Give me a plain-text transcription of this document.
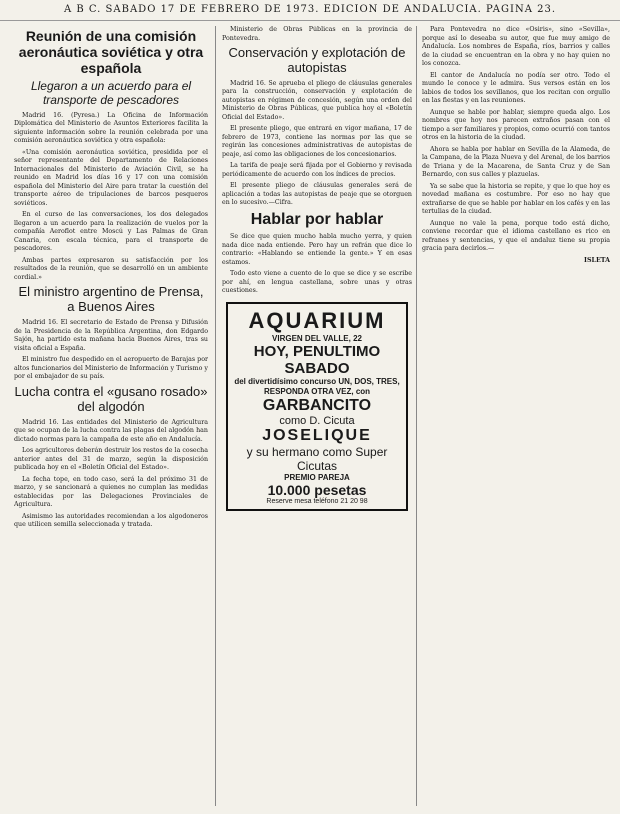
A B C. SABADO 17 DE FEBRERO DE 1973. EDICION DE ANDALUCIA. PAGINA 23.
Reunión de una comisión aeronáutica soviética y otra española
Llegaron a un acuerdo para el transporte de pescadores

Madrid 16. (Pyresa.) La Oficina de Información Diplomática del Ministerio de Asuntos Exteriores facilita la siguiente información sobre la reunión celebrada por una comisión aeronáutica soviética y otra española:

«Una comisión aeronáutica soviética, presidida por el señor representante del Departamento de Relaciones Internacionales del Ministerio de Aviación Civil, se ha reunido en Madrid los días 16 y 17 con una comisión española del Ministerio del Aire para tratar la cuestión del transporte aéreo de tripulaciones de barcos pesqueros soviéticos.

En el curso de las conversaciones, los dos delegados llegaron a un acuerdo para la realización de vuelos por la compañía Aeroflot entre Moscú y Las Palmas de Gran Canaria, con escala técnica, para el transporte de pescadores.

Ambas partes expresaron su satisfacción por los resultados de la reunión, que se desarrolló en un ambiente cordial.»

El ministro argentino de Prensa, a Buenos Aires

Madrid 16. El secretario de Estado de Prensa y Difusión de la Presidencia de la República Argentina, don Edgardo Sajón, ha partido esta mañana hacia Buenos Aires, tras su visita oficial a España.

El ministro fue despedido en el aeropuerto de Barajas por altos funcionarios del Ministerio de Información y Turismo y por el embajador de su país.

Lucha contra el «gusano rosado» del algodón

Madrid 16. Las entidades del Ministerio de Agricultura que se ocupan de la lucha contra las plagas del algodón han dictado normas para la campaña de este año en Andalucía.

Los agricultores deberán destruir los restos de la cosecha anterior antes del 31 de marzo, según la disposición publicada hoy en el «Boletín Oficial del Estado».

La fecha tope, en todo caso, será la del próximo 31 de marzo, y se sancionará a quienes no cumplan las medidas establecidas por las Delegaciones Provinciales de Agricultura.

Asimismo las autoridades recomiendan a los algodoneros que utilicen semilla seleccionada y tratada.

Ministerio de Obras Públicas en la provincia de Pontevedra.

Conservación y explotación de autopistas

Madrid 16. Se aprueba el pliego de cláusulas generales para la construcción, conservación y explotación de autopistas en régimen de concesión, según una orden del Ministerio de Obras Públicas, que publica hoy el «Boletín Oficial del Estado».

El presente pliego, que entrará en vigor mañana, 17 de febrero de 1973, contiene las normas por las que se regirán las concesiones administrativas de autopistas de peaje, así como las obligaciones de los concesionarios.

La tarifa de peaje será fijada por el Gobierno y revisada periódicamente de acuerdo con los índices de precios.

El presente pliego de cláusulas generales será de aplicación a todas las autopistas de peaje que se otorguen en lo sucesivo.—Cifra.

Hablar por hablar

Se dice que quien mucho habla mucho yerra, y quien nada dice nada entiende. Pero hay un refrán que dice lo contrario: «Hablando se entiende la gente.» Y en esas estamos.

Todo esto viene a cuento de lo que se dice y se escribe por ahí, en lengua castellana, sobre unas y otras cuestiones.

AQUARIUM
VIRGEN DEL VALLE, 22
HOY, PENULTIMO SABADO
del divertidísimo concurso UN, DOS, TRES, RESPONDA OTRA VEZ, con
GARBANCITO
como D. Cicuta
JOSELIQUE
y su hermano como Super Cicutas
PREMIO PAREJA
10.000 pesetas
Reserve mesa teléfono 21 20 98

Para Pontevedra no dice «Osiris», sino «Sevilla», porque así lo deseaba su autor, que fue muy amigo de Andalucía. Los nombres de España, ríos, barrios y calles de la ciudad se encuentran en la obra y no hay quien no los conozca.

El cantor de Andalucía no podía ser otro. Todo el mundo le conoce y le admira. Sus versos están en los labios de todos los sevillanos, que los recitan con orgullo en las fiestas y en las reuniones.

Aunque se hable por hablar, siempre queda algo. Los nombres que hoy nos parecen extraños pasan con el tiempo a ser familiares y propios, como ocurrió con tantos otros en la historia de la ciudad.

Ahora se habla por hablar en Sevilla de la Alameda, de la Campana, de la Plaza Nueva y del Arenal, de los barrios de Triana y de la Macarena, de Santa Cruz y de San Bernardo, con sus calles y plazuelas.

Ya se sabe que la historia se repite, y que lo que hoy es novedad mañana es costumbre. Por eso no hay que extrañarse de que se hable por hablar en los cafés y en las tertulias de la ciudad.

Aunque no vale la pena, porque todo está dicho, conviene recordar que el idioma castellano es rico en refranes y sentencias, y que el andaluz tiene su propia gracia para decirlos.—

ISLETA
